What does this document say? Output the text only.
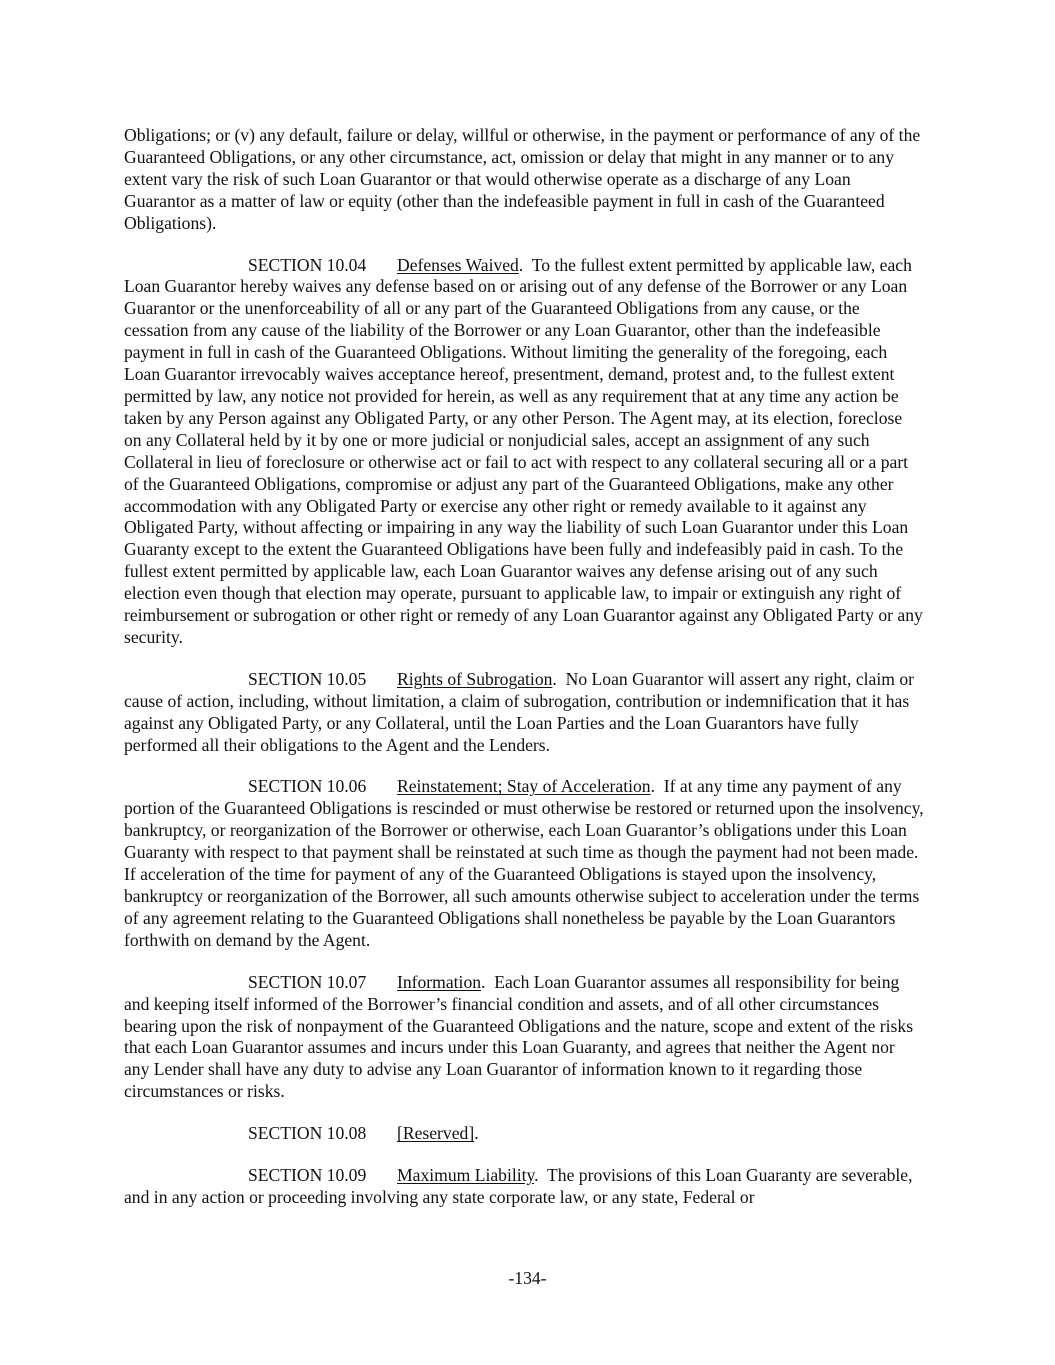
Obligations; or (v) any default, failure or delay, willful or otherwise, in the payment or performance of any of the Guaranteed Obligations, or any other circumstance, act, omission or delay that might in any manner or to any extent vary the risk of such Loan Guarantor or that would otherwise operate as a discharge of any Loan Guarantor as a matter of law or equity (other than the indefeasible payment in full in cash of the Guaranteed Obligations).

SECTION 10.04 Defenses Waived. To the fullest extent permitted by applicable law, each Loan Guarantor hereby waives any defense based on or arising out of any defense of the Borrower or any Loan Guarantor or the unenforceability of all or any part of the Guaranteed Obligations from any cause, or the cessation from any cause of the liability of the Borrower or any Loan Guarantor, other than the indefeasible payment in full in cash of the Guaranteed Obligations. Without limiting the generality of the foregoing, each Loan Guarantor irrevocably waives acceptance hereof, presentment, demand, protest and, to the fullest extent permitted by law, any notice not provided for herein, as well as any requirement that at any time any action be taken by any Person against any Obligated Party, or any other Person. The Agent may, at its election, foreclose on any Collateral held by it by one or more judicial or nonjudicial sales, accept an assignment of any such Collateral in lieu of foreclosure or otherwise act or fail to act with respect to any collateral securing all or a part of the Guaranteed Obligations, compromise or adjust any part of the Guaranteed Obligations, make any other accommodation with any Obligated Party or exercise any other right or remedy available to it against any Obligated Party, without affecting or impairing in any way the liability of such Loan Guarantor under this Loan Guaranty except to the extent the Guaranteed Obligations have been fully and indefeasibly paid in cash. To the fullest extent permitted by applicable law, each Loan Guarantor waives any defense arising out of any such election even though that election may operate, pursuant to applicable law, to impair or extinguish any right of reimbursement or subrogation or other right or remedy of any Loan Guarantor against any Obligated Party or any security.

SECTION 10.05 Rights of Subrogation. No Loan Guarantor will assert any right, claim or cause of action, including, without limitation, a claim of subrogation, contribution or indemnification that it has against any Obligated Party, or any Collateral, until the Loan Parties and the Loan Guarantors have fully performed all their obligations to the Agent and the Lenders.

SECTION 10.06 Reinstatement; Stay of Acceleration. If at any time any payment of any portion of the Guaranteed Obligations is rescinded or must otherwise be restored or returned upon the insolvency, bankruptcy, or reorganization of the Borrower or otherwise, each Loan Guarantor’s obligations under this Loan Guaranty with respect to that payment shall be reinstated at such time as though the payment had not been made. If acceleration of the time for payment of any of the Guaranteed Obligations is stayed upon the insolvency, bankruptcy or reorganization of the Borrower, all such amounts otherwise subject to acceleration under the terms of any agreement relating to the Guaranteed Obligations shall nonetheless be payable by the Loan Guarantors forthwith on demand by the Agent.

SECTION 10.07 Information. Each Loan Guarantor assumes all responsibility for being and keeping itself informed of the Borrower’s financial condition and assets, and of all other circumstances bearing upon the risk of nonpayment of the Guaranteed Obligations and the nature, scope and extent of the risks that each Loan Guarantor assumes and incurs under this Loan Guaranty, and agrees that neither the Agent nor any Lender shall have any duty to advise any Loan Guarantor of information known to it regarding those circumstances or risks.

SECTION 10.08 [Reserved].

SECTION 10.09 Maximum Liability. The provisions of this Loan Guaranty are severable, and in any action or proceeding involving any state corporate law, or any state, Federal or

-134-
